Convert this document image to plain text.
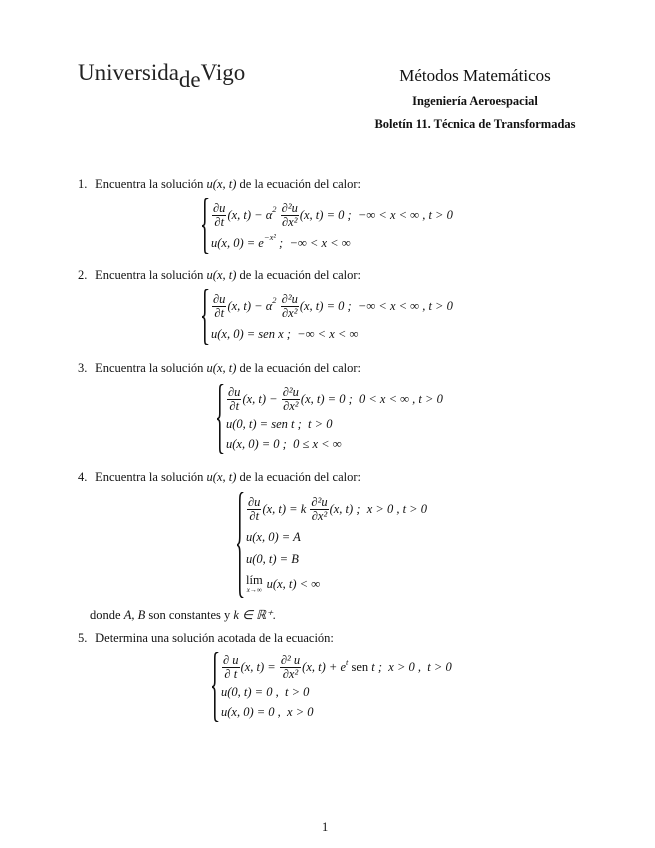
UniversidadeVigo	Métodos Matemáticos
Ingeniería Aeroespacial
Boletín 11. Técnica de Transformadas
1. Encuentra la solución u(x, t) de la ecuación del calor:
$\frac{\partial u}{\partial t} (x$, t) − α 2
$\frac{\text{∂²u}}{\text{∂x²}} (x$, t) = 0 ;  −∞ < x < ∞ , t > 0
u(x, 0) = e −x² ;  −∞ < x < ∞
2. Encuentra la solución u(x, t) de la ecuación del calor:
$\frac{\partial u}{\partial t} (x$, t) − α 2
$\frac{\text{∂²u}}{\text{∂x²}} (x$, t) = 0 ;  −∞ < x < ∞ , t > 0
u(x, 0) = sen x ;  −∞ < x < ∞
3. Encuentra la solución u(x, t) de la ecuación del calor:
$\frac{\partial u}{\partial t} (x$, $t) - \frac{\text{∂²u}}{\text{∂x²}} (x$, t) = 0 ;  0 < x < ∞ , t > 0
u(0, t) = sen t ;  t > 0
u(x, 0) = 0 ;  0 ≤ x < ∞
4. Encuentra la solución u(x, t) de la ecuación del calor:
$\frac{\partial u}{\partial t} (x$, t) = k $\frac{\text{∂²u}}{\text{∂x²}} (x$, t) ;  x > 0 , t > 0
u(x, 0) = A
u(0, t) = B
lím
x→∞ u(x, t) < ∞
donde A, B son constantes y k ∈ ℝ⁺.
5. Determina una solución acotada de la ecuación:
$\frac{\partial u}{\partial t} (x$, $t) = \frac{\text{∂² u}}{\text{∂x²}} (x$, t) + e t sen t ;  x > 0 ,  t > 0
u(0, t) = 0 ,  t > 0
u(x, 0) = 0 ,  x > 0
1
